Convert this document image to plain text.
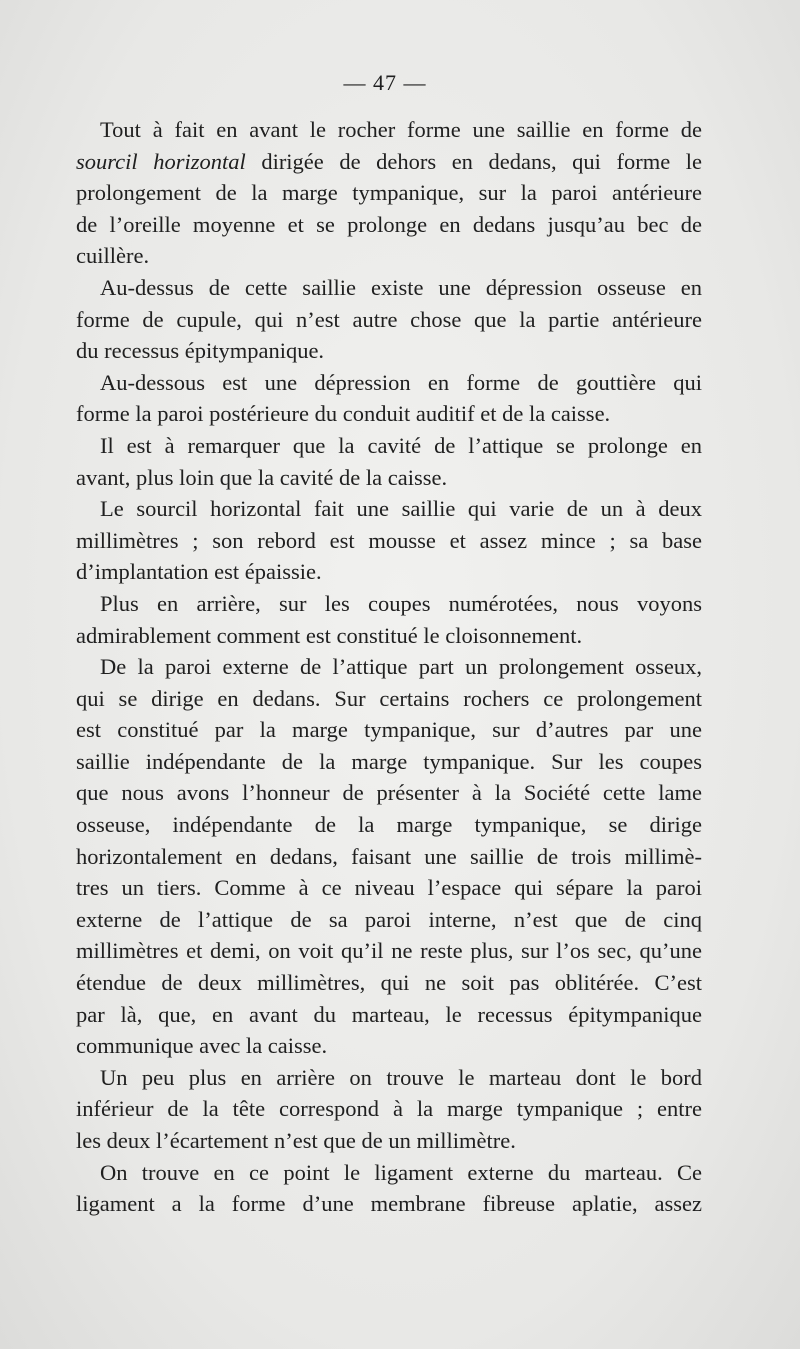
— 47 —
Tout à fait en avant le rocher forme une saillie en forme de
sourcil horizontal dirigée de dehors en dedans, qui forme le
prolongement de la marge tympanique, sur la paroi antérieure
de l’oreille moyenne et se prolonge en dedans jusqu’au bec de
cuillère.
Au-dessus de cette saillie existe une dépression osseuse en
forme de cupule, qui n’est autre chose que la partie antérieure
du recessus épitympanique.
Au-dessous est une dépression en forme de gouttière qui
forme la paroi postérieure du conduit auditif et de la caisse.
Il est à remarquer que la cavité de l’attique se prolonge en
avant, plus loin que la cavité de la caisse.
Le sourcil horizontal fait une saillie qui varie de un à deux
millimètres ; son rebord est mousse et assez mince ; sa base
d’implantation est épaissie.
Plus en arrière, sur les coupes numérotées, nous voyons
admirablement comment est constitué le cloisonnement.
De la paroi externe de l’attique part un prolongement osseux,
qui se dirige en dedans. Sur certains rochers ce prolongement
est constitué par la marge tympanique, sur d’autres par une
saillie indépendante de la marge tympanique. Sur les coupes
que nous avons l’honneur de présenter à la Société cette lame
osseuse, indépendante de la marge tympanique, se dirige
horizontalement en dedans, faisant une saillie de trois millimè-
tres un tiers. Comme à ce niveau l’espace qui sépare la paroi
externe de l’attique de sa paroi interne, n’est que de cinq
millimètres et demi, on voit qu’il ne reste plus, sur l’os sec, qu’une
étendue de deux millimètres, qui ne soit pas oblitérée. C’est
par là, que, en avant du marteau, le recessus épitympanique
communique avec la caisse.
Un peu plus en arrière on trouve le marteau dont le bord
inférieur de la tête correspond à la marge tympanique ; entre
les deux l’écartement n’est que de un millimètre.
On trouve en ce point le ligament externe du marteau. Ce
ligament a la forme d’une membrane fibreuse aplatie, assez
